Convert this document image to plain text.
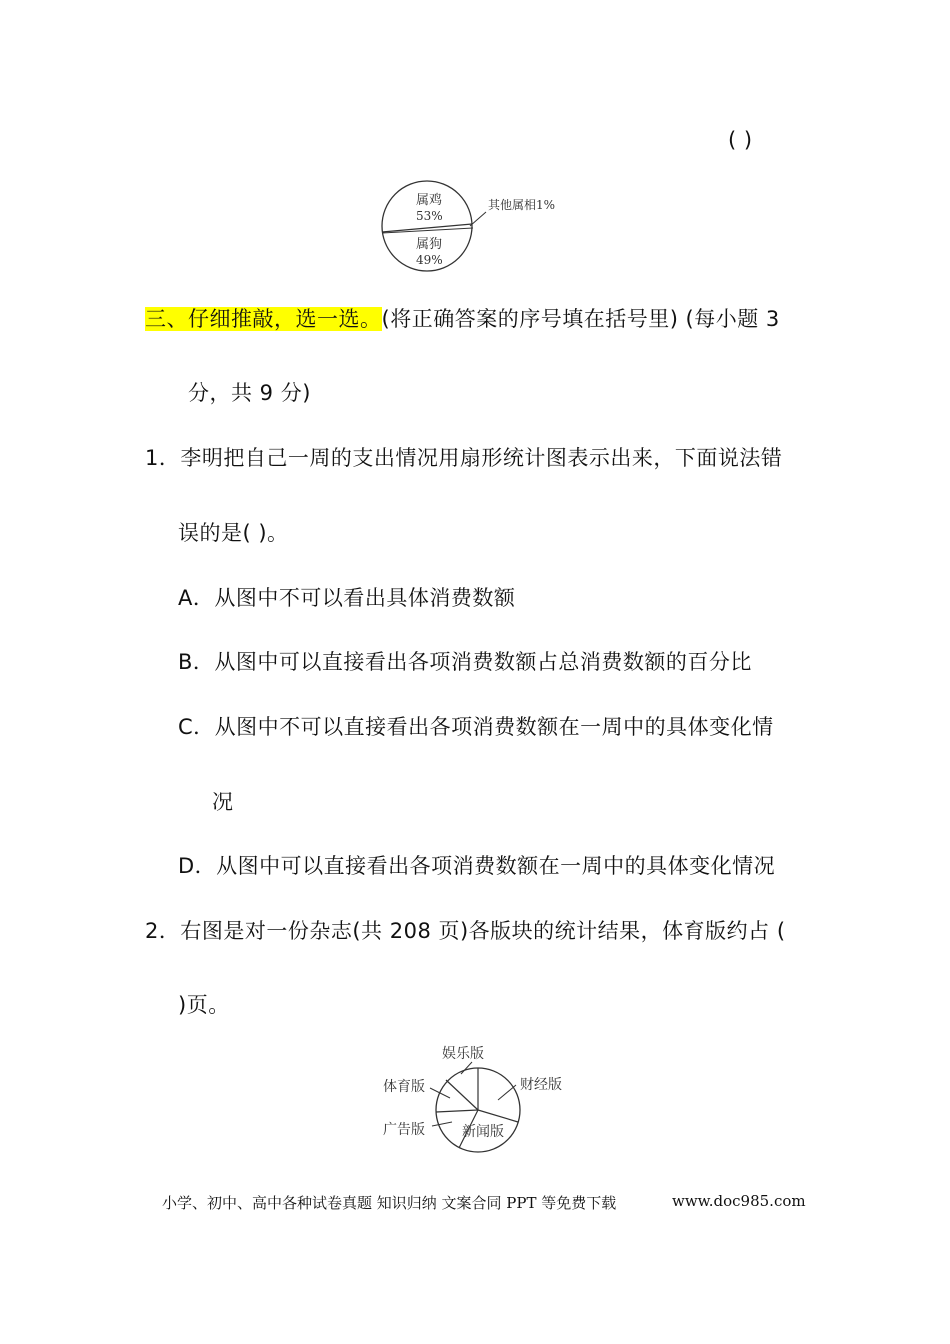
( )
属鸡
53%
属狗
49%
其他属相1%
三、仔细推敲，选一选。(将正确答案的序号填在括号里) (每小题 3
分，共 9 分)
1．李明把自己一周的支出情况用扇形统计图表示出来，下面说法错
误的是( )。
A．从图中不可以看出具体消费数额
B．从图中可以直接看出各项消费数额占总消费数额的百分比
C．从图中不可以直接看出各项消费数额在一周中的具体变化情
况
D．从图中可以直接看出各项消费数额在一周中的具体变化情况
2．右图是对一份杂志(共 208 页)各版块的统计结果，体育版约占 (
)页。
娱乐版
财经版
体育版
广告版	新闻版
小学、初中、高中各种试卷真题 知识归纳 文案合同 PPT 等免费下载	www.doc985.com
